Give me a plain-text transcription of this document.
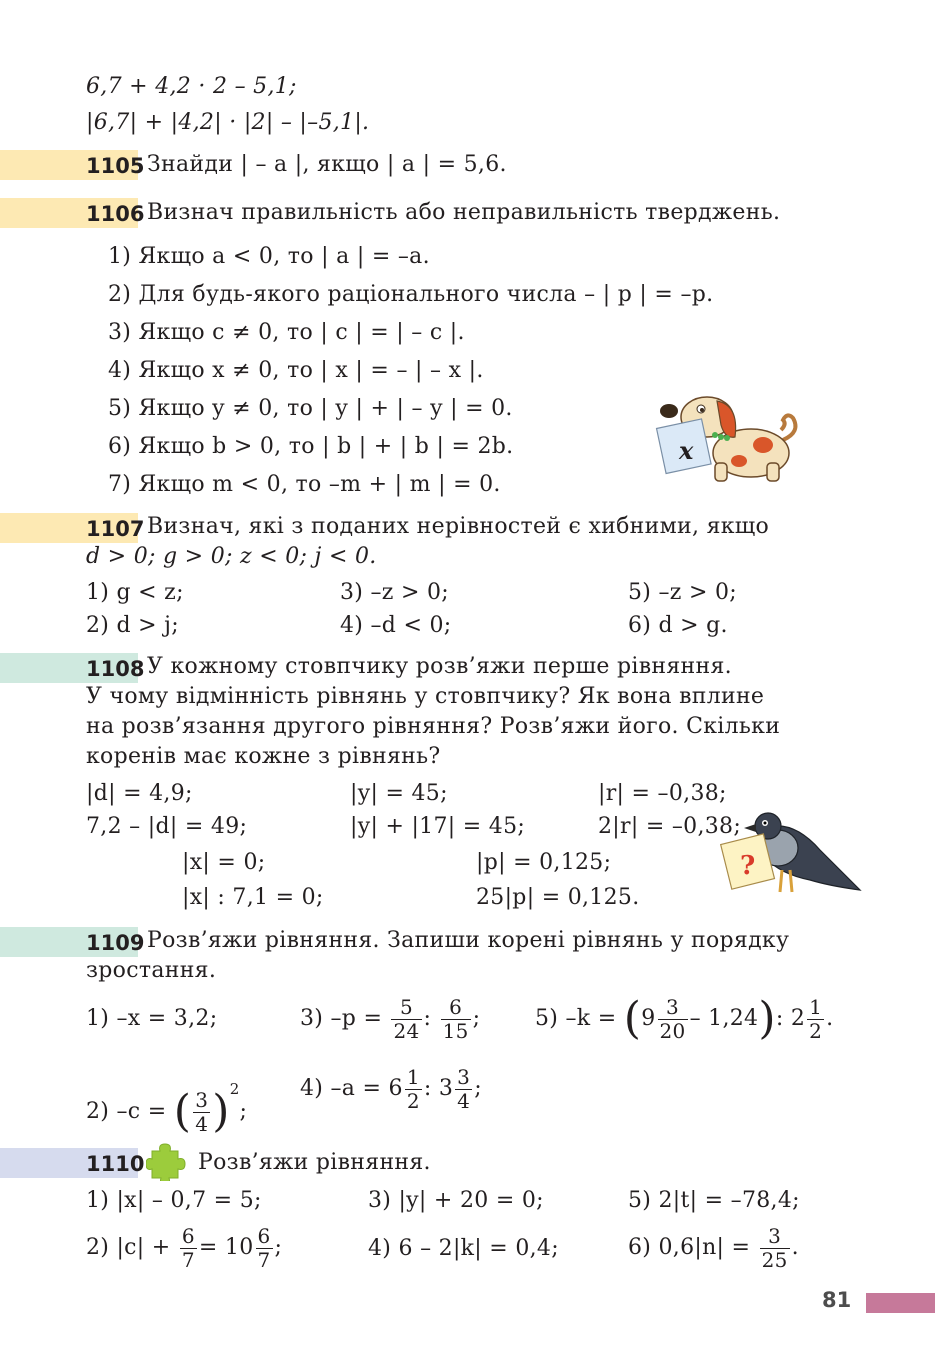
6,7 + 4,2 · 2 – 5,1;
|6,7| + |4,2| · |2| – |–5,1|.
1105 Знайди | – a |, якщо | a | = 5,6.
1106 Визнач правильність або неправильність тверджень.
1) Якщо a < 0, то | a | = –a.
2) Для будь-якого раціонального числа – | p | = –p.
3) Якщо c ≠ 0, то | c | = | – c |.
4) Якщо x ≠ 0, то | x | = – | – x |.
5) Якщо y ≠ 0, то | y | + | – y | = 0.
6) Якщо b > 0, то | b | + | b | = 2b.
7) Якщо m < 0, то –m + | m | = 0.
x
1107 Визнач, які з поданих нерівностей є хибними, якщо
d > 0; g > 0; z < 0; j < 0.
1) g < z;	3) –z > 0;	5) –z > 0;
2) d > j;	4) –d < 0;	6) d > g.
1108 У кожному стовпчику розв’яжи перше рівняння.
У чому відмінність рівнянь у стовпчику? Як вона вплине
на розв’язання другого рівняння? Розв’яжи його. Скільки
коренів має кожне з рівнянь?
|d| = 4,9;	|y| = 45;	|r| = –0,38;
7,2 – |d| = 49;	|y| + |17| = 45;	2|r| = –0,38;
|x| = 0;	|p| = 0,125;
|x| : 7,1 = 0;	25|p| = 0,125.
?
1109 Розв’яжи рівняння. Запиши корені рівнянь у порядку
зростання.
1) –x = 3,2;	3) $-p = \frac{5}{24}$ : $\frac{6}{15}$ ; 5) $-k = (9 \frac{3}{20} - 1,24)$: $2 \frac{1}{2}$ .
2) –c = ( $\frac{3}{4} )^2$;
4) $-a = 6 \frac{1}{2}$ : $3 \frac{3}{4}$ ;
1110 Розв’яжи рівняння.
1) |x| – 0,7 = 5;	3) |y| + 20 = 0;	5) 2|t| = –78,4;
2) $|c| + \frac{6}{7} = 10 \frac{6}{7}$ ;	4) 6 – 2|k| = 0,4;	6) $0,6|n| = \frac{3}{25}$ .
81
